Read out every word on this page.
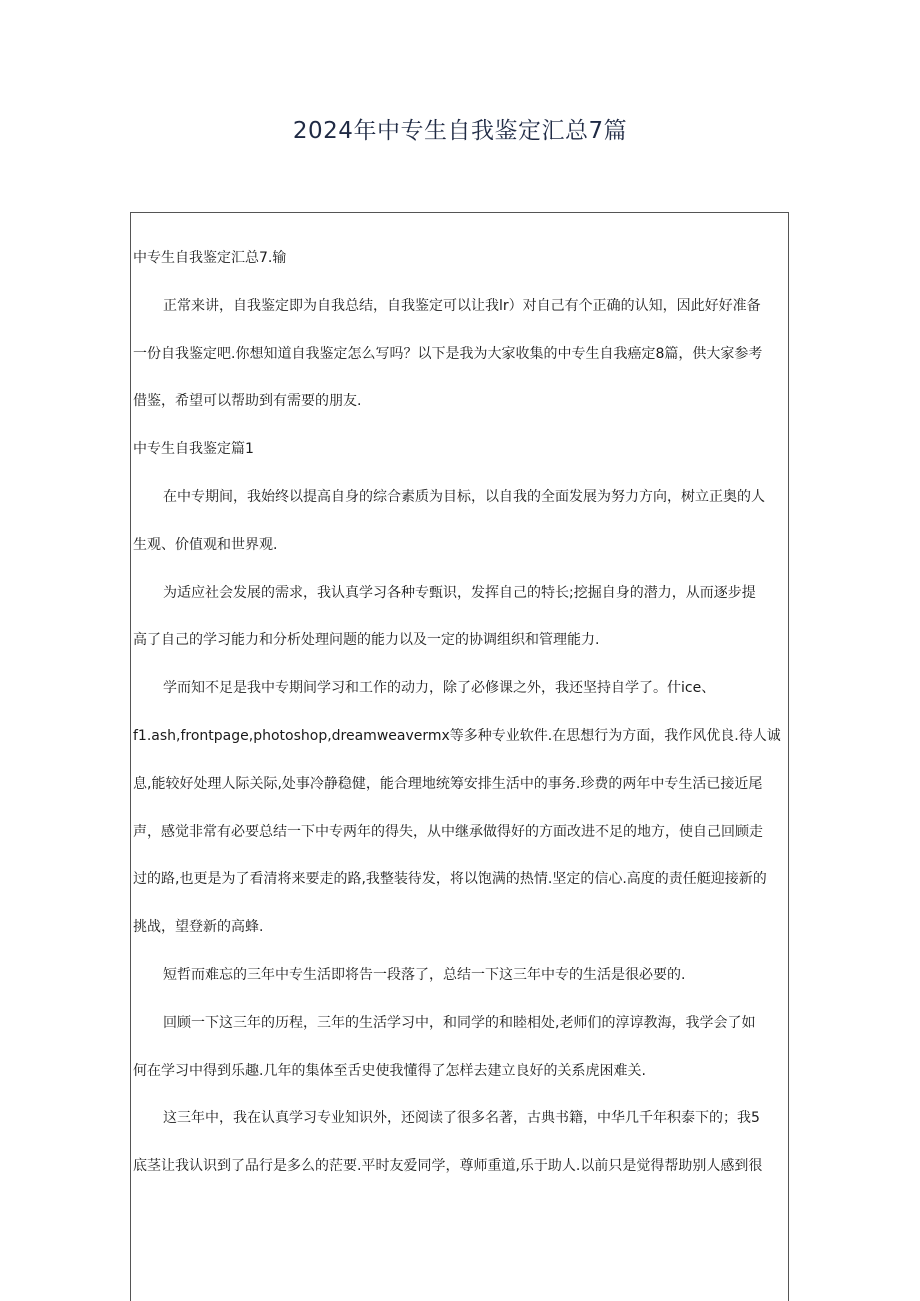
2024年中专生自我鉴定汇总7篇

中专生自我鉴定汇总7.输

正常来讲，自我鉴定即为自我总结，自我鉴定可以让我lr）对自己有个正确的认知，因此好好准备

一份自我鉴定吧.你想知道自我鉴定怎么写吗？以下是我为大家收集的中专生自我癌定8篇，供大家参考

借鉴，希望可以帮助到有需要的朋友.

中专生自我鉴定篇1

在中专期间，我始终以提高自身的综合素质为目标，以自我的全面发展为努力方向，树立正奥的人

生观、价值观和世界观.

为适应社会发展的需求，我认真学习各种专甄识，发挥自己的特长;挖掘自身的潜力，从而逐步提

高了自己的学习能力和分析处理问题的能力以及一定的协调组织和管理能力.

学而知不足是我中专期间学习和工作的动力，除了必修课之外，我还坚持自学了。什ice、

f1.ash,frontpage,photoshop,dreamweavermx等多种专业软件.在思想行为方面，我作风优良.待人诚

息,能较好处理人际关际,处事冷静稳健，能合理地统筹安排生活中的事务.珍费的两年中专生活已接近尾

声，感觉非常有必要总结一下中专两年的得失，从中继承做得好的方面改进不足的地方，使自己回顾走

过的路,也更是为了看清将来要走的路,我整装待发，将以饱满的热情.坚定的信心.高度的责任艇迎接新的

挑战，望登新的高蜂.

短哲而难忘的三年中专生活即将告一段落了，总结一下这三年中专的生活是很必要的.

回顾一下这三年的历程，三年的生活学习中，和同学的和睦相处,老师们的淳谆教海，我学会了如

何在学习中得到乐趣.几年的集体至舌史使我懂得了怎样去建立良好的关系虎困难关.

这三年中，我在认真学习专业知识外，还阅读了很多名著，古典书籍，中华几千年积泰下的；我5

底茎让我认识到了品行是多么的茫要.平时友爱同学，尊师重道,乐于助人.以前只是觉得帮助别人感到很
